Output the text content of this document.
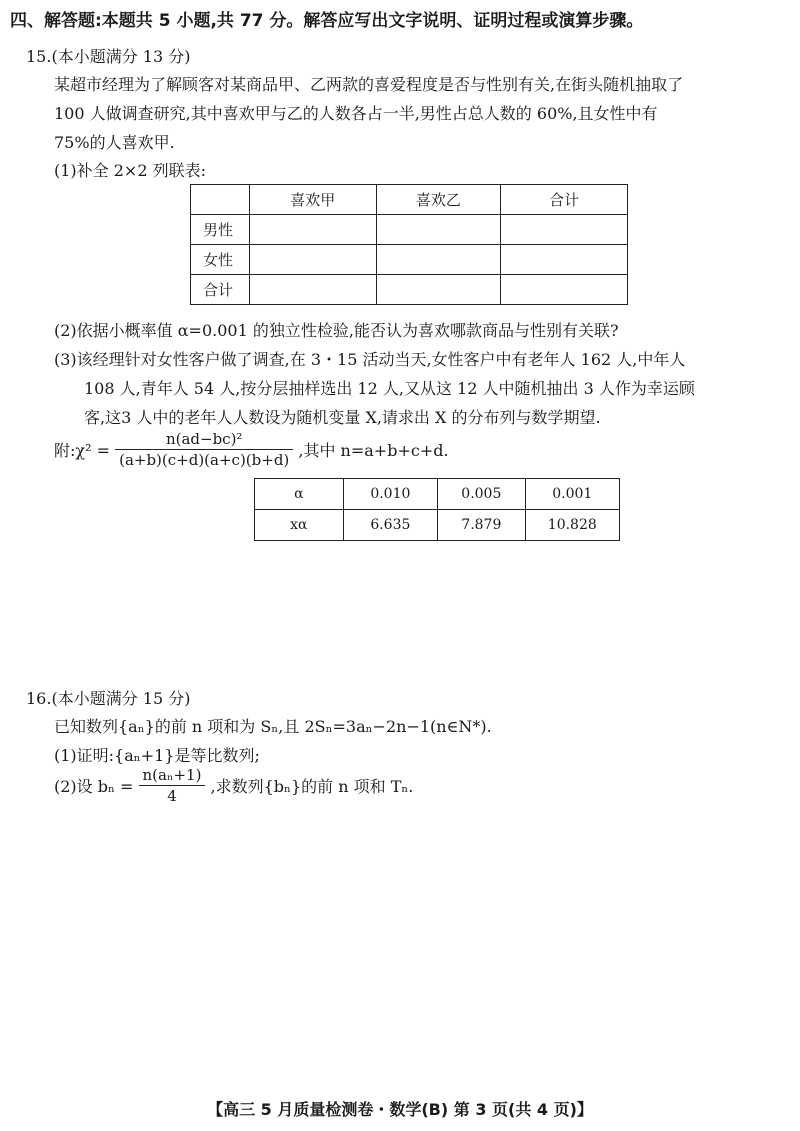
四、解答题:本题共 5 小题,共 77 分。解答应写出文字说明、证明过程或演算步骤。
15.(本小题满分 13 分)
某超市经理为了解顾客对某商品甲、乙两款的喜爱程度是否与性别有关,在街头随机抽取了
100 人做调查研究,其中喜欢甲与乙的人数各占一半,男性占总人数的 60%,且女性中有
75%的人喜欢甲.
(1)补全 2×2 列联表:
	喜欢甲	喜欢乙	合计
男性			
女性			
合计			
(2)依据小概率值 α=0.001 的独立性检验,能否认为喜欢哪款商品与性别有关联?
(3)该经理针对女性客户做了调查,在 3・15 活动当天,女性客户中有老年人 162 人,中年人
108 人,青年人 54 人,按分层抽样选出 12 人,又从这 12 人中随机抽出 3 人作为幸运顾
客,这3 人中的老年人人数设为随机变量 X,请求出 X 的分布列与数学期望.
附:χ² = $\frac{\text{n(ad−bc)²}}{(a+b)(c+d)(a+c)(b+d)}$ ,其中 n=a+b+c+d.
α	0.010	0.005	0.001
xα	6.635	7.879	10.828
16.(本小题满分 15 分)
已知数列{aₙ}的前 n 项和为 Sₙ,且 2Sₙ=3aₙ−2n−1(n∈N*).
(1)证明:{aₙ+1}是等比数列;
(2)设 $b_n = \frac{\text{n(aₙ+1)}}{4}$ ,求数列{bₙ}的前 n 项和 Tₙ.
【高三 5 月质量检测卷・数学(B) 第 3 页(共 4 页)】
